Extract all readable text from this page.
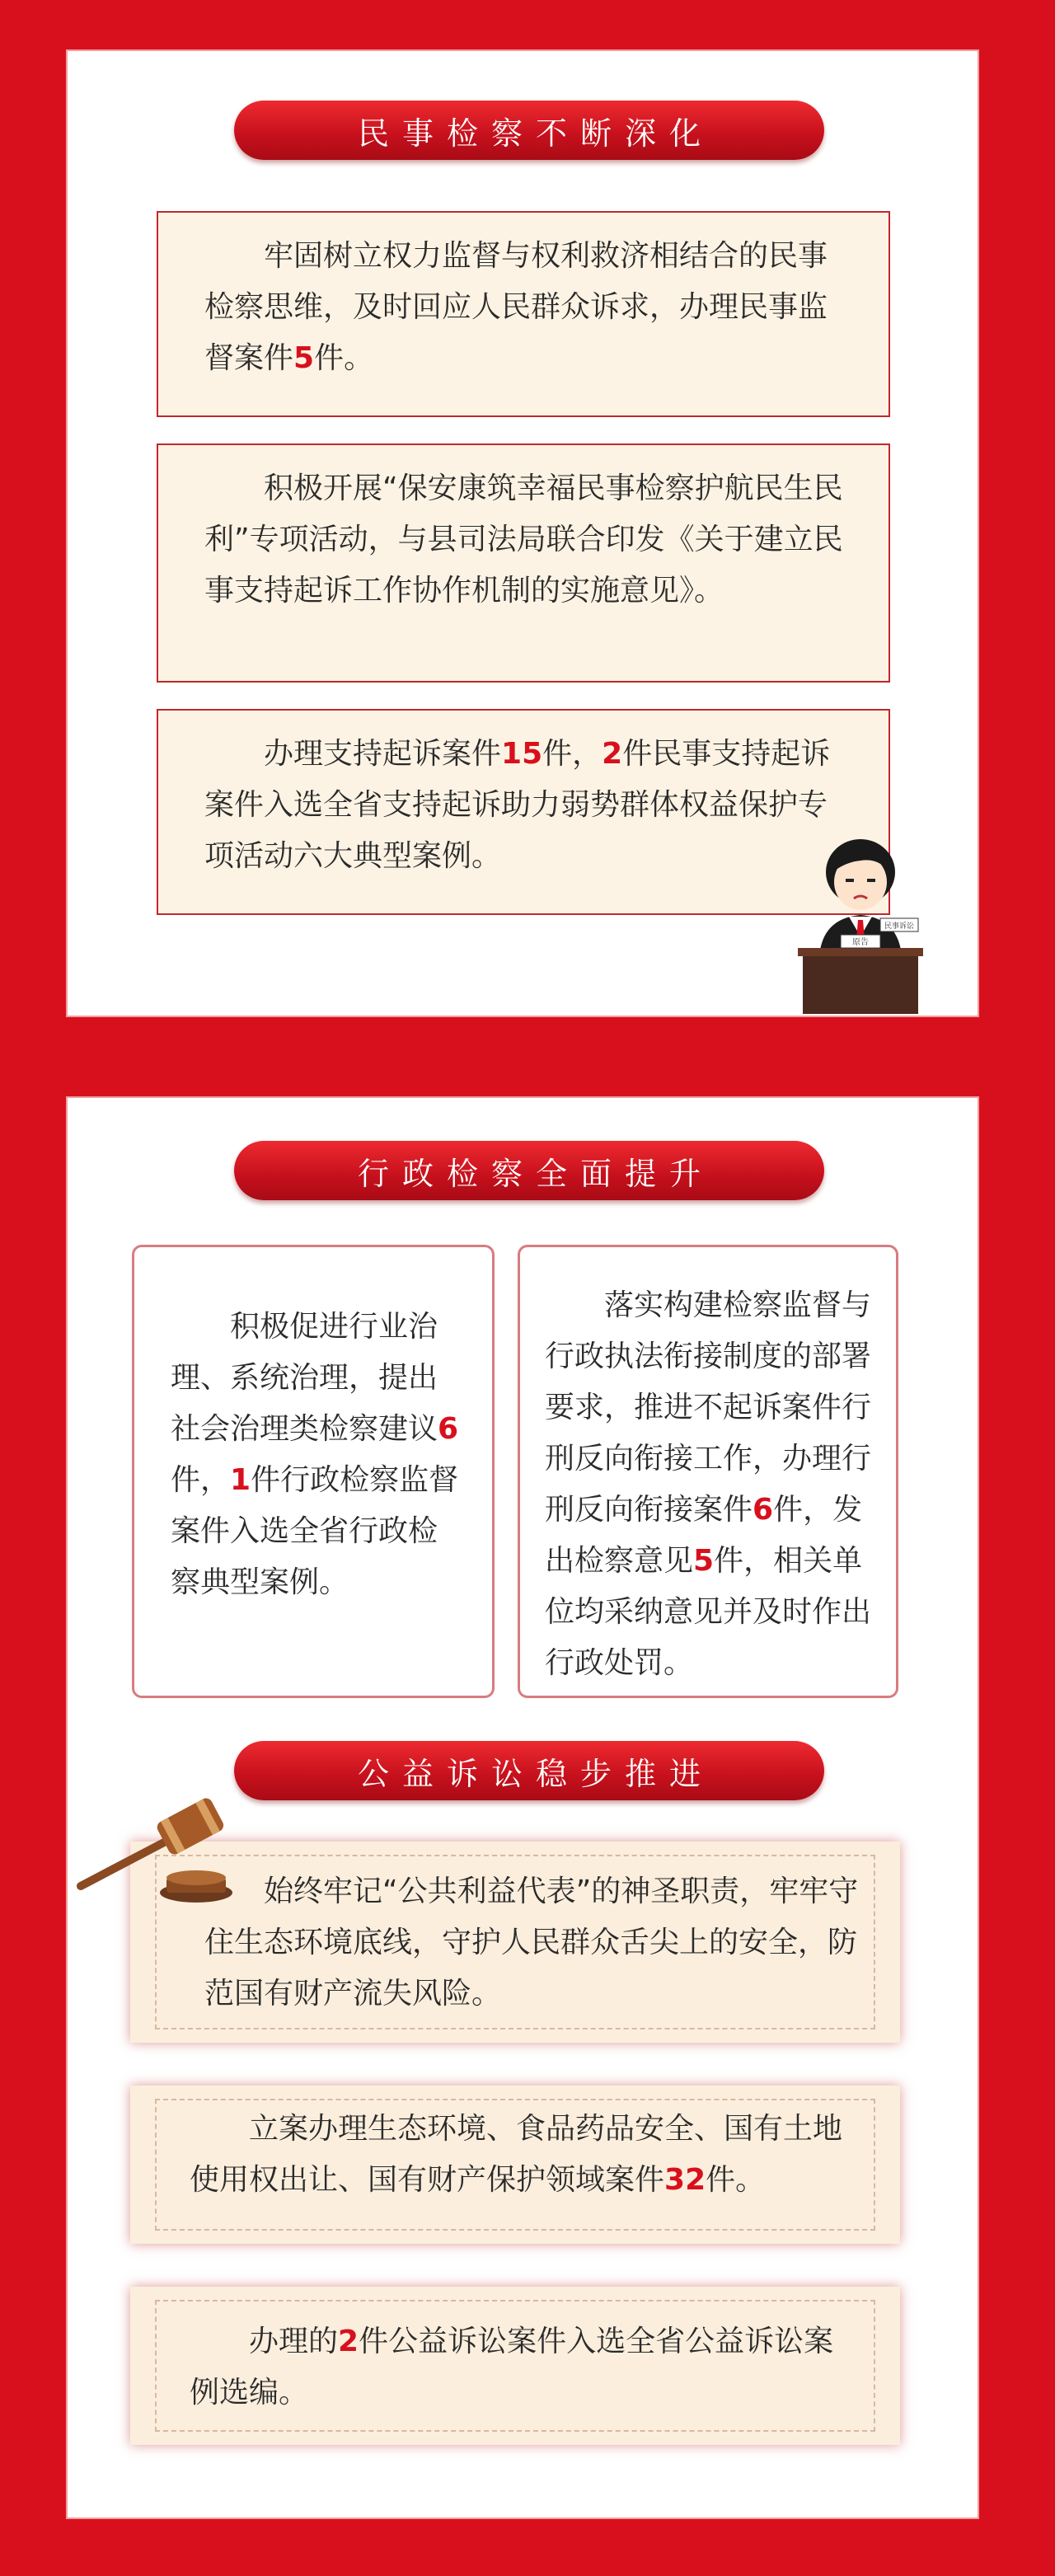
民事检察不断深化
牢固树立权力监督与权利救济相结合的民事检察思维，及时回应人民群众诉求，办理民事监督案件5件。
积极开展“保安康筑幸福民事检察护航民生民利”专项活动，与县司法局联合印发《关于建立民事支持起诉工作协作机制的实施意见》。
办理支持起诉案件15件，2件民事支持起诉案件入选全省支持起诉助力弱势群体权益保护专项活动六大典型案例。
民事诉讼
原告
行政检察全面提升
积极促进行业治理、系统治理，提出社会治理类检察建议6件，1件行政检察监督案件入选全省行政检察典型案例。
落实构建检察监督与行政执法衔接制度的部署要求，推进不起诉案件行刑反向衔接工作，办理行刑反向衔接案件6件，发出检察意见5件，相关单位均采纳意见并及时作出行政处罚。
公益诉讼稳步推进
始终牢记“公共利益代表”的神圣职责，牢牢守住生态环境底线，守护人民群众舌尖上的安全，防范国有财产流失风险。
立案办理生态环境、食品药品安全、国有土地使用权出让、国有财产保护领域案件32件。
办理的2件公益诉讼案件入选全省公益诉讼案例选编。
